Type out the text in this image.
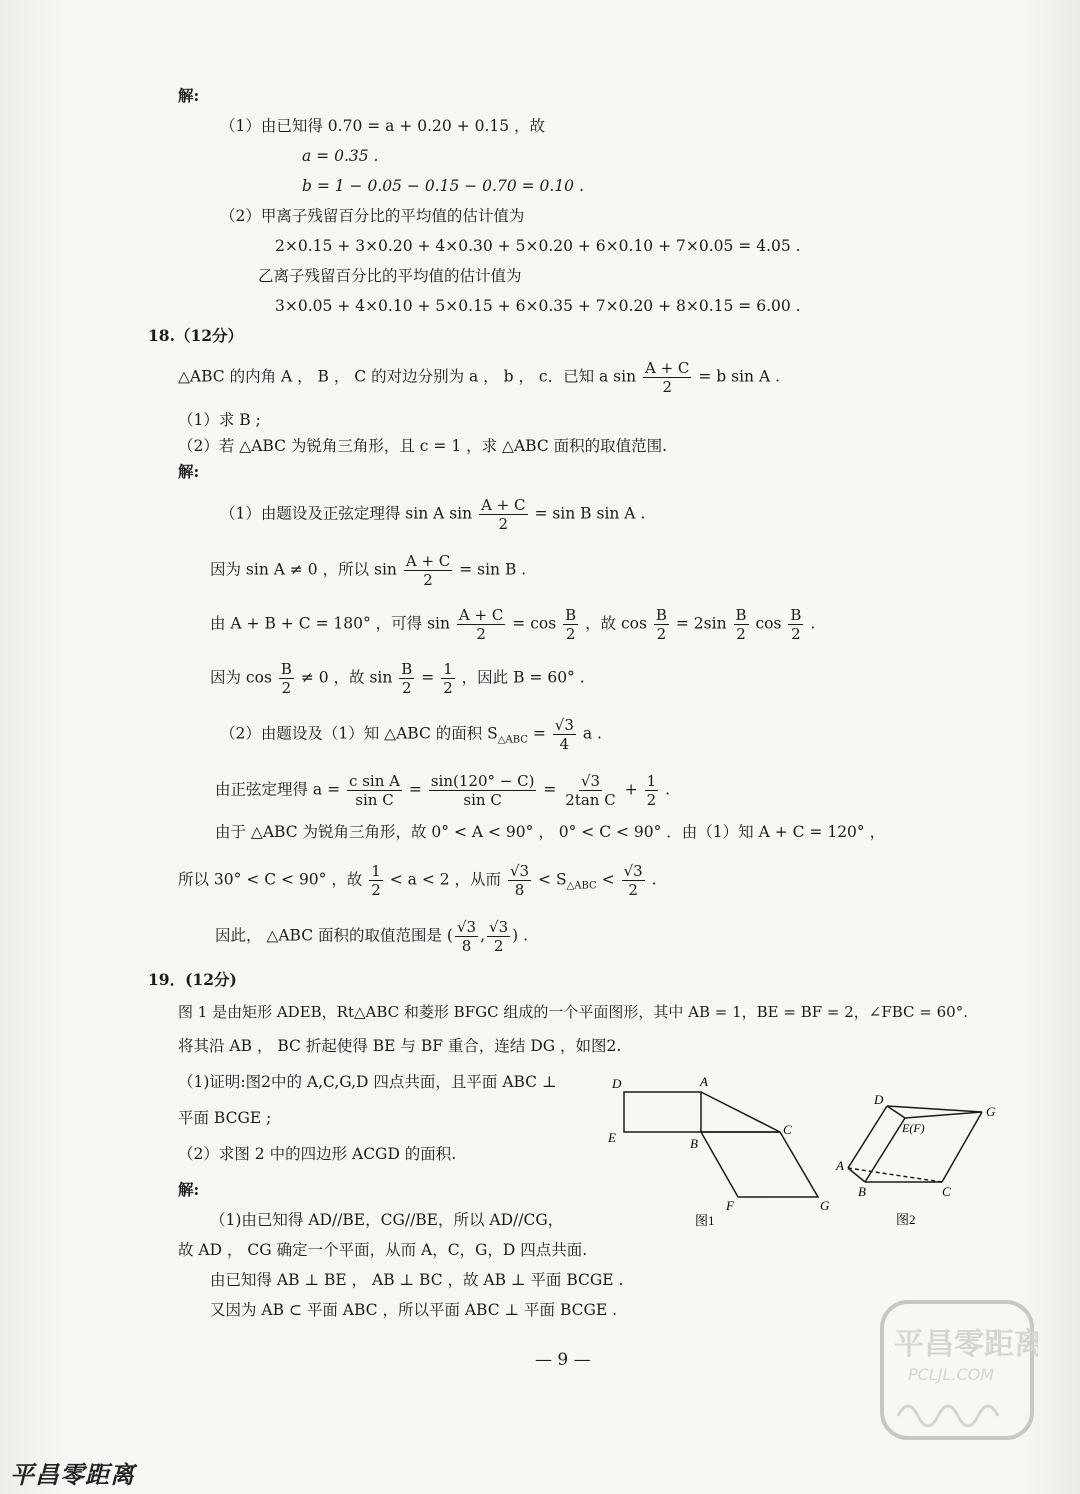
解:
（1）由已知得 0.70 = a + 0.20 + 0.15 ，故
a = 0.35 .
b = 1 − 0.05 − 0.15 − 0.70 = 0.10 .
（2）甲离子残留百分比的平均值的估计值为
2×0.15 + 3×0.20 + 4×0.30 + 5×0.20 + 6×0.10 + 7×0.05 = 4.05 .
乙离子残留百分比的平均值的估计值为
3×0.05 + 4×0.10 + 5×0.15 + 6×0.35 + 7×0.20 + 8×0.15 = 6.00 .
18.（12分）
△ABC 的内角 A ， B ， C 的对边分别为 a ， b ， c．已知 a $\sin \frac{A + C}{2} = b$ sin A .
（1）求 B ;
（2）若 △ABC 为锐角三角形，且 c = 1 ，求 △ABC 面积的取值范围.
解:
（1）由题设及正弦定理得 sin A $\sin \frac{A + C}{2} = \sin B$ sin A .
因为 sin A ≠ 0 ，所以 $\sin \frac{A + C}{2} = \sin B$ .
由 A + B + C = 180° ，可得 $\sin \frac{A + C}{2} = \cos \frac{B}{2}$ ，故 $\cos \frac{B}{2} = 2\sin \frac{B}{2}$ $\cos \frac{B}{2}$ .
因为 $\cos \frac{B}{2} \ne 0$ ，故 $\sin \frac{B}{2} = \frac{1}{2}$ ，因此 B = 60° .
（2）由题设及（1）知 △ABC 的面积 $S_{\triangle ABC} = \frac{√3}{4}$ a .
由正弦定理得 $a = \frac{\text{c sin A}}{\text{sin C}} = \frac{\sin(120^\circ - C)}{\text{sin C}} = \frac{√3}{\text{2tan C}} + \frac{1}{2}$ .
由于 △ABC 为锐角三角形，故 0° < A < 90° ， 0° < C < 90° ．由（1）知 A + C = 120° ，
所以 30° < C < 90° ，故 $\frac{1}{2} < a < 2$ ，从而 $\frac{√3}{8} < S_{\triangle ABC} < \frac{√3}{2}$ .
因此， △ABC 面积的取值范围是 ( $\frac{√3}{8}$ , $\frac{√3}{2}$ ) .
19．(12分)
图 1 是由矩形 ADEB，Rt△ABC 和菱形 BFGC 组成的一个平面图形，其中 AB = 1，BE = BF = 2，∠FBC = 60°.
将其沿 AB ， BC 折起使得 BE 与 BF 重合，连结 DG ，如图2.
（1)证明:图2中的 A,C,G,D 四点共面，且平面 ABC ⊥
平面 BCGE ;
（2）求图 2 中的四边形 ACGD 的面积.
解:
（1)由已知得 AD//BE，CG//BE，所以 AD//CG，
故 AD ， CG 确定一个平面，从而 A，C，G，D 四点共面.
由已知得 AB ⊥ BE ， AB ⊥ BC ，故 AB ⊥ 平面 BCGE .
又因为 AB ⊂ 平面 ABC ，所以平面 ABC ⊥ 平面 BCGE .
D	A
E	B
C
F	G
图1
D
G
E(F)
A
B	C
图2
— 9 —	平昌零距离
PCLJL.COM
平昌零距离
